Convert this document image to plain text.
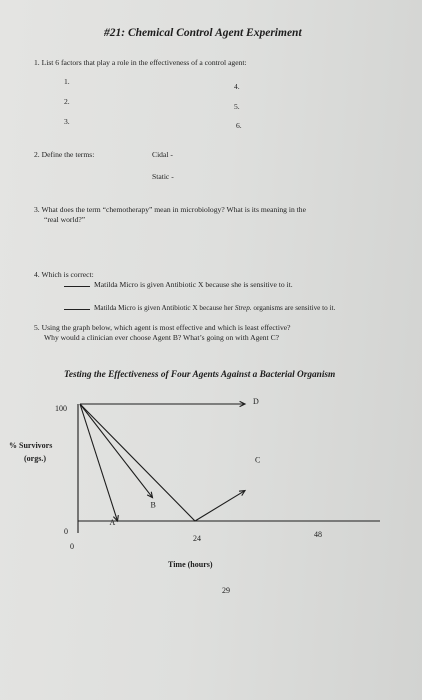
#21: Chemical Control Agent Experiment
1. List 6 factors that play a role in the effectiveness of a control agent:
1.
2.
3.
4.
5.
6.
2. Define the terms:	Cidal -
Static -
3. What does the term “chemotherapy” mean in microbiology? What is its meaning in the
“real world?”
4. Which is correct:
Matilda Micro is given Antibiotic X because she is sensitive to it.
Matilda Micro is given Antibiotic X because her Strep. organisms are sensitive to it.
5. Using the graph below, which agent is most effective and which is least effective?
Why would a clinician ever choose Agent B? What’s going on with Agent C?
Testing the Effectiveness of Four Agents Against a Bacterial Organism
100
0
0
24	48
% Survivors
(orgs.)
Time (hours)
29
A
B
C
D
